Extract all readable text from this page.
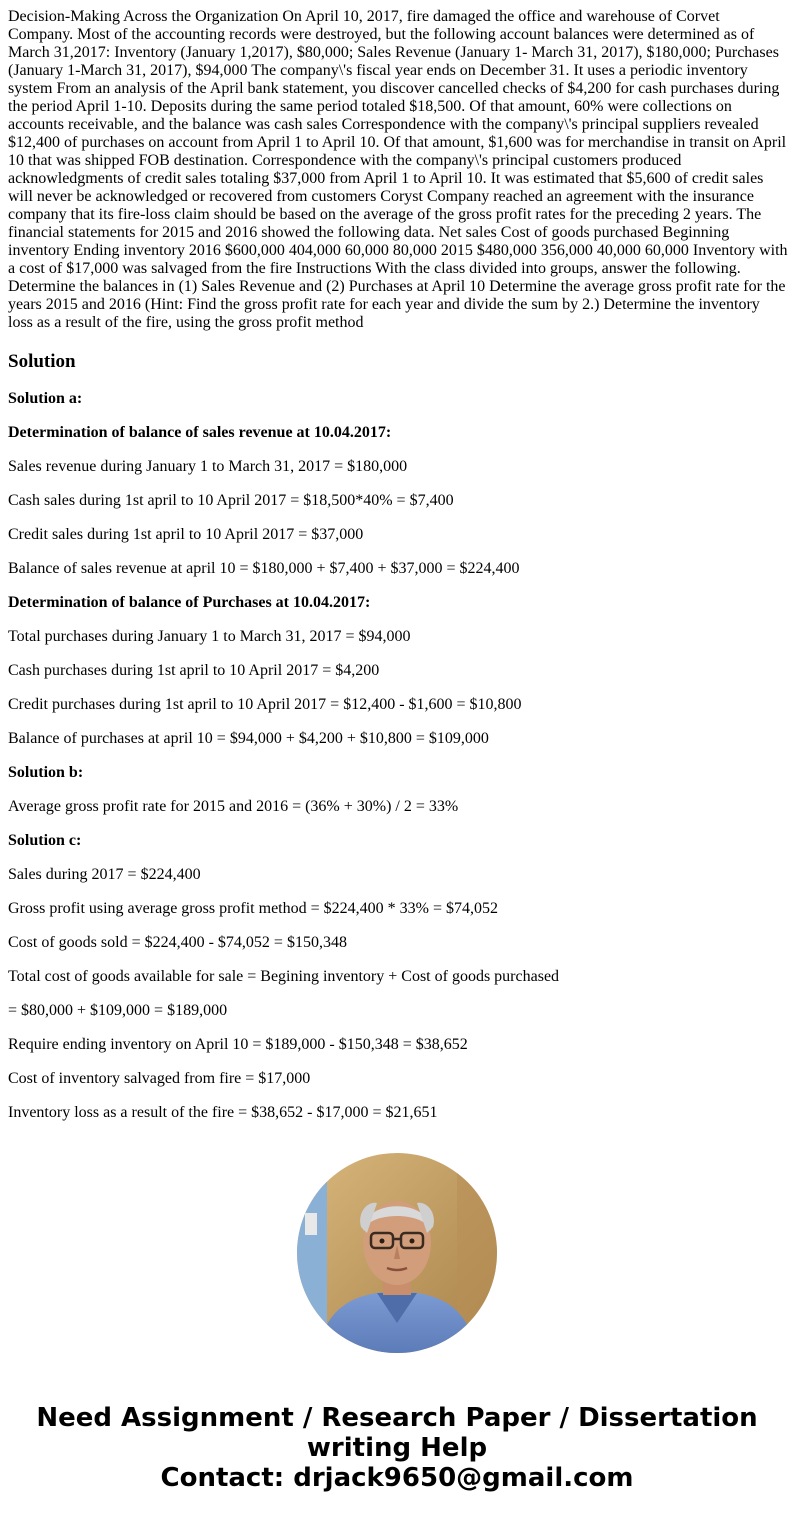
Decision-Making Across the Organization On April 10, 2017, fire damaged the office and warehouse of Corvet Company. Most of the accounting records were destroyed, but the following account balances were determined as of March 31,2017: Inventory (January 1,2017), $80,000; Sales Revenue (January 1- March 31, 2017), $180,000; Purchases (January 1-March 31, 2017), $94,000 The company\'s fiscal year ends on December 31. It uses a periodic inventory system From an analysis of the April bank statement, you discover cancelled checks of $4,200 for cash purchases during the period April 1-10. Deposits during the same period totaled $18,500. Of that amount, 60% were collections on accounts receivable, and the balance was cash sales Correspondence with the company\'s principal suppliers revealed $12,400 of purchases on account from April 1 to April 10. Of that amount, $1,600 was for merchandise in transit on April 10 that was shipped FOB destination. Correspondence with the company\'s principal customers produced acknowledgments of credit sales totaling $37,000 from April 1 to April 10. It was estimated that $5,600 of credit sales will never be acknowledged or recovered from customers Coryst Company reached an agreement with the insurance company that its fire-loss claim should be based on the average of the gross profit rates for the preceding 2 years. The financial statements for 2015 and 2016 showed the following data. Net sales Cost of goods purchased Beginning inventory Ending inventory 2016 $600,000 404,000 60,000 80,000 2015 $480,000 356,000 40,000 60,000 Inventory with a cost of $17,000 was salvaged from the fire Instructions With the class divided into groups, answer the following. Determine the balances in (1) Sales Revenue and (2) Purchases at April 10 Determine the average gross profit rate for the years 2015 and 2016 (Hint: Find the gross profit rate for each year and divide the sum by 2.) Determine the inventory loss as a result of the fire, using the gross profit method

Solution

Solution a:

Determination of balance of sales revenue at 10.04.2017:

Sales revenue during January 1 to March 31, 2017 = $180,000

Cash sales during 1st april to 10 April 2017 = $18,500*40% = $7,400

Credit sales during 1st april to 10 April 2017 = $37,000

Balance of sales revenue at april 10 = $180,000 + $7,400 + $37,000 = $224,400

Determination of balance of Purchases at 10.04.2017:

Total purchases during January 1 to March 31, 2017 = $94,000

Cash purchases during 1st april to 10 April 2017 = $4,200

Credit purchases during 1st april to 10 April 2017 = $12,400 - $1,600 = $10,800

Balance of purchases at april 10 = $94,000 + $4,200 + $10,800 = $109,000

Solution b:

Average gross profit rate for 2015 and 2016 = (36% + 30%) / 2 = 33%

Solution c:

Sales during 2017 = $224,400

Gross profit using average gross profit method = $224,400 * 33% = $74,052

Cost of goods sold = $224,400 - $74,052 = $150,348

Total cost of goods available for sale = Begining inventory + Cost of goods purchased

= $80,000 + $109,000 = $189,000

Require ending inventory on April 10 = $189,000 - $150,348 = $38,652

Cost of inventory salvaged from fire = $17,000

Inventory loss as a result of the fire = $38,652 - $17,000 = $21,651

Need Assignment / Research Paper / Dissertation
writing Help
Contact: drjack9650@gmail.com
